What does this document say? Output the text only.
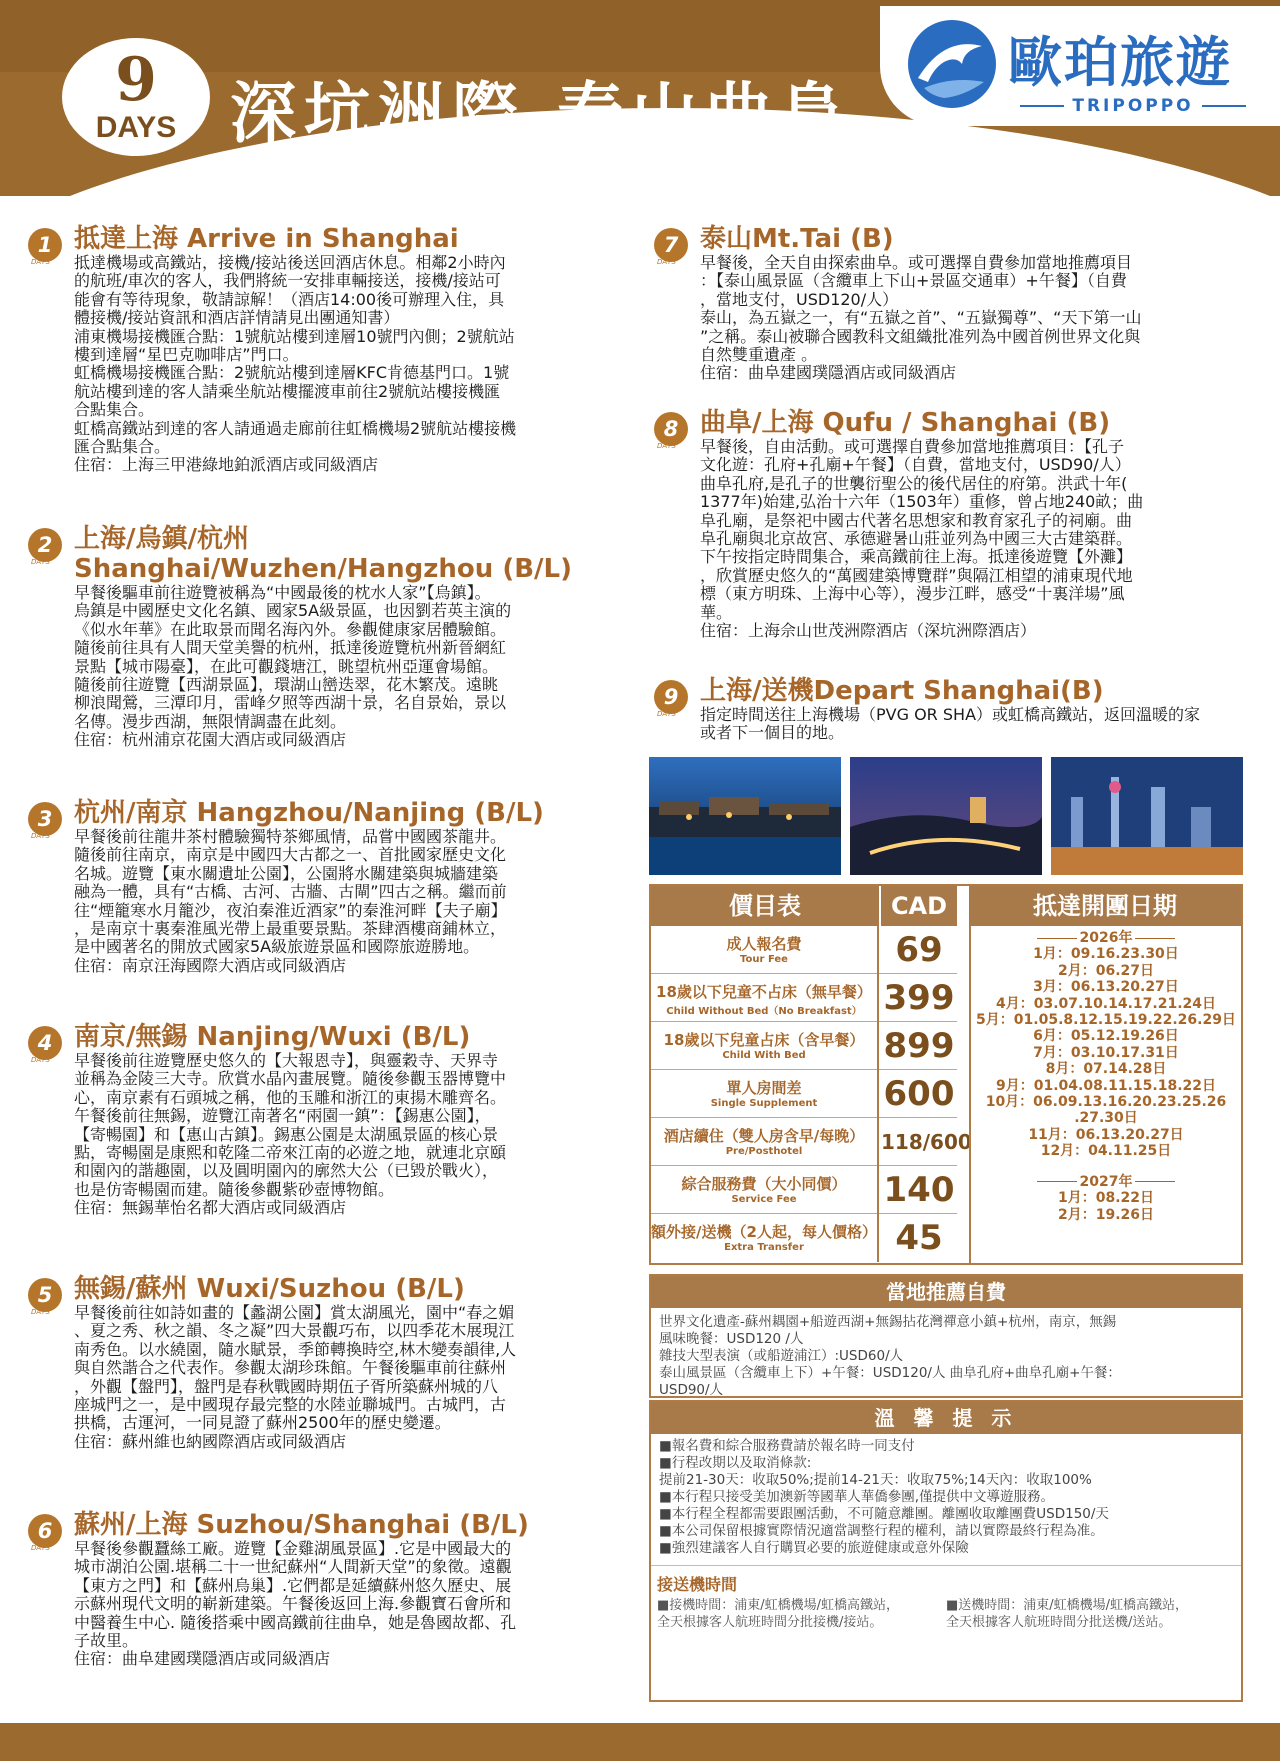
9
DAYS 深坑洲際 泰山曲阜
歐珀旅遊
TRIPOPPO
1
DAYS
抵達上海 Arrive in Shanghai

抵達機場或高鐵站，接機/接站後送回酒店休息。相鄰2小時內

的航班/車次的客人，我們將統一安排車輛接送，接機/接站可

能會有等待現象，敬請諒解！（酒店14:00後可辦理入住，具

體接機/接站資訊和酒店詳情請見出團通知書）

浦東機場接機匯合點：1號航站樓到達層10號門內側；2號航站

樓到達層“星巴克咖啡店”門口。

虹橋機場接機匯合點：2號航站樓到達層KFC肯德基門口。1號

航站樓到達的客人請乘坐航站樓擺渡車前往2號航站樓接機匯

合點集合。

虹橋高鐵站到達的客人請通過走廊前往虹橋機場2號航站樓接機

匯合點集合。

住宿：上海三甲港綠地鉑派酒店或同級酒店

2
DAYS
上海/烏鎮/杭州
Shanghai/Wuzhen/Hangzhou (B/L)

早餐後驅車前往遊覽被稱為“中國最後的枕水人家”【烏鎮】。

烏鎮是中國歷史文化名鎮、國家5A級景區，也因劉若英主演的

《似水年華》在此取景而聞名海內外。參觀健康家居體驗館。

隨後前往具有人間天堂美譽的杭州，抵達後遊覽杭州新晉網紅

景點【城市陽臺】，在此可觀錢塘江，眺望杭州亞運會場館。

隨後前往遊覽【西湖景區】，環湖山巒迭翠，花木繁茂。遠眺

柳浪聞鶯，三潭印月，雷峰夕照等西湖十景，名自景始，景以

名傳。漫步西湖，無限情調盡在此刻。

住宿：杭州浦京花園大酒店或同級酒店

3
DAYS
杭州/南京 Hangzhou/Nanjing (B/L)

早餐後前往龍井茶村體驗獨特茶鄉風情，品嘗中國國茶龍井。

隨後前往南京，南京是中國四大古都之一、首批國家歷史文化

名城。遊覽【東水關遺址公園】，公園將水關建築與城牆建築

融為一體，具有“古橋、古河、古牆、古閘”四古之稱。繼而前

往“煙籠寒水月籠沙，夜泊秦淮近酒家”的秦淮河畔【夫子廟】

，是南京十裏秦淮風光帶上最重要景點。茶肆酒樓商鋪林立，

是中國著名的開放式國家5A級旅遊景區和國際旅遊勝地。

住宿：南京汪海國際大酒店或同級酒店

4
DAYS
南京/無錫 Nanjing/Wuxi (B/L)

早餐後前往遊覽歷史悠久的【大報恩寺】，與靈穀寺、天界寺

並稱為金陵三大寺。欣賞水晶內畫展覽。隨後參觀玉器博覽中

心，南京素有石頭城之稱，他的玉雕和浙江的東揚木雕齊名。

午餐後前往無錫，遊覽江南著名“兩園一鎮”：【錫惠公園】，

【寄暢園】和【惠山古鎮】。錫惠公園是太湖風景區的核心景

點，寄暢園是康熙和乾隆二帝來江南的必遊之地，就連北京頤

和園內的諧趣園，以及圓明園內的廓然大公（已毀於戰火），

也是仿寄暢園而建。隨後參觀紫砂壺博物館。

住宿：無錫華怡名都大酒店或同級酒店

5
DAYS
無錫/蘇州 Wuxi/Suzhou (B/L)

早餐後前往如詩如畫的【蠡湖公園】賞太湖風光，園中“春之媚

、夏之秀、秋之韻、冬之凝”四大景觀巧布，以四季花木展現江

南秀色。以水繞園，隨水賦景，季節轉換時空,林木變奏韻律,人

與自然諧合之代表作。參觀太湖珍珠館。午餐後驅車前往蘇州

，外觀【盤門】，盤門是春秋戰國時期伍子胥所築蘇州城的八

座城門之一，是中國現存最完整的水陸並聯城門。古城門，古

拱橋，古運河，一同見證了蘇州2500年的歷史變遷。

住宿：蘇州維也納國際酒店或同級酒店

6
DAYS
蘇州/上海 Suzhou/Shanghai (B/L)

早餐後參觀蠶絲工廠。遊覽【金雞湖風景區】.它是中國最大的

城市湖泊公園.堪稱二十一世紀蘇州“人間新天堂”的象徵。遠觀

【東方之門】和【蘇州烏巢】.它們都是延續蘇州悠久歷史、展

示蘇州現代文明的嶄新建築。午餐後返回上海.參觀寶石會所和

中醫養生中心. 隨後搭乘中國高鐵前往曲阜，她是魯國故都、孔

子故里。

住宿：曲阜建國璞隱酒店或同級酒店

7
DAYS
泰山Mt.Tai (B)

早餐後，全天自由探索曲阜。或可選擇自費參加當地推薦項目

：【泰山風景區（含纜車上下山+景區交通車）+午餐】（自費

，當地支付，USD120/人）

泰山，為五嶽之一，有“五嶽之首”、“五嶽獨尊”、“天下第一山

”之稱。泰山被聯合國教科文組織批准列為中國首例世界文化與

自然雙重遺產 。

住宿：曲阜建國璞隱酒店或同級酒店

8
DAYS
曲阜/上海 Qufu / Shanghai (B)

早餐後，自由活動。或可選擇自費參加當地推薦項目：【孔子

文化遊：孔府+孔廟+午餐】（自費，當地支付，USD90/人）

曲阜孔府,是孔子的世襲衍聖公的後代居住的府第。洪武十年(

1377年)始建,弘治十六年（1503年）重修，曾占地240畝；曲

阜孔廟，是祭祀中國古代著名思想家和教育家孔子的祠廟。曲

阜孔廟與北京故宮、承德避暑山莊並列為中國三大古建築群。

下午按指定時間集合，乘高鐵前往上海。抵達後遊覽【外灘】

，欣賞歷史悠久的“萬國建築博覽群”與隔江相望的浦東現代地

標（東方明珠、上海中心等），漫步江畔，感受“十裏洋場”風

華。

住宿：上海佘山世茂洲際酒店（深坑洲際酒店）

9
DAYS
上海/送機Depart Shanghai(B)

指定時間送往上海機場（PVG OR SHA）或虹橋高鐵站，返回溫暖的家

或者下一個目的地。

價目表	CAD	抵達開團日期
成人報名費
Tour Fee	69
18歲以下兒童不占床（無早餐）
Child Without Bed（No Breakfast） 399
18歲以下兒童占床（含早餐）
Child With Bed	899
單人房間差
Single Supplement	600
酒店續住（雙人房含早/每晚）
Pre/Posthotel	118/600
綜合服務費（大小同價）
Service Fee	140
額外接/送機（2人起，每人價格）
Extra Transfer	45
2026年
1月：09.16.23.30日
2月：06.27日
3月：06.13.20.27日
4月：03.07.10.14.17.21.24日
5月：01.05.8.12.15.19.22.26.29日
6月：05.12.19.26日
7月：03.10.17.31日
8月：07.14.28日
9月：01.04.08.11.15.18.22日
10月：06.09.13.16.20.23.25.26
.27.30日
11月：06.13.20.27日
12月：04.11.25日
2027年
1月：08.22日
2月：19.26日
當地推薦自費

世界文化遺產-蘇州耦園+船遊西湖+無錫拈花灣禪意小鎮+杭州，南京，無錫

風味晚餐：USD120 /人

雜技大型表演（或船遊浦江）:USD60/人

泰山風景區（含纜車上下）+午餐：USD120/人 曲阜孔府+曲阜孔廟+午餐：

USD90/人

溫 馨 提 示

■報名費和綜合服務費請於報名時一同支付

■行程改期以及取消條款:

提前21-30天：收取50%;提前14-21天：收取75%;14天內：收取100%

■本行程只接受美加澳新等國華人華僑參團,僅提供中文導遊服務。

■本行程全程都需要跟團活動，不可隨意離團。離團收取離團費USD150/天

■本公司保留根據實際情況適當調整行程的權利，請以實際最終行程為准。

■強烈建議客人自行購買必要的旅遊健康或意外保險

接送機時間

■接機時間：浦東/虹橋機場/虹橋高鐵站，

全天根據客人航班時間分批接機/接站。

■送機時間：浦東/虹橋機場/虹橋高鐵站，

全天根據客人航班時間分批送機/送站。
